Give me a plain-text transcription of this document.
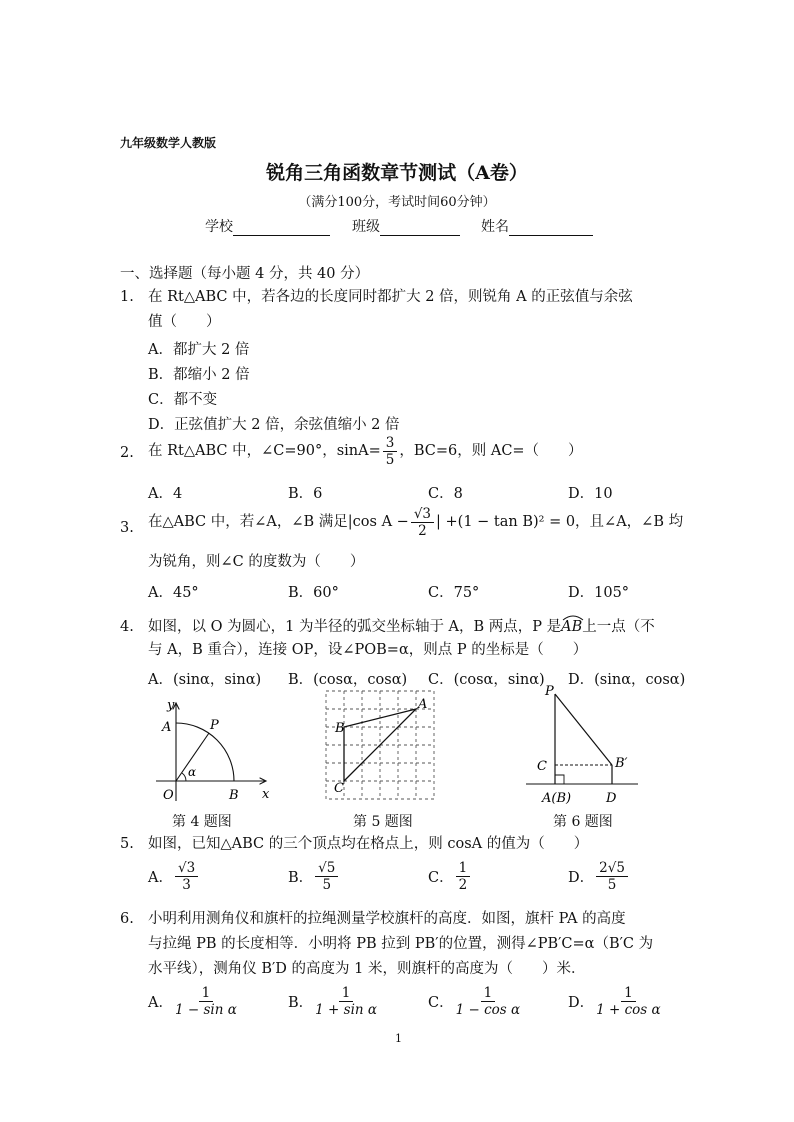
九年级数学人教版
锐角三角函数章节测试（A卷）
（满分100分，考试时间60分钟）
学校	班级	姓名
一、选择题（每小题 4 分，共 40 分）
1. 在 Rt△ABC 中，若各边的长度同时都扩大 2 倍，则锐角 A 的正弦值与余弦
值（　　）
A．都扩大 2 倍
B．都缩小 2 倍
C．都不变
D．正弦值扩大 2 倍，余弦值缩小 2 倍
2. 在 Rt△ABC 中，∠C=90°，$\sin A= \frac{3}{5}$ ，BC=6，则 AC=（　　）
A．4	B．6	C．8	D．10
3. 在△ABC 中，若∠A，∠B 满足|cos $A - \frac{√3}{2}$ | +(1 − tan B)² = 0，且∠A，∠B 均
为锐角，则∠C 的度数为（　　）
A．45°	B．60°	C．75°	D．105°
4. 如图，以 O 为圆心，1 为半径的弧交坐标轴于 A，B 两点，P 是
AB上一点（不
与 A，B 重合），连接 OP，设∠POB=α，则点 P 的坐标是（　　）
A．(sinα，sinα) B．(cosα，cosα) C．(cosα，sinα) D．(sinα，cosα)
y
x
A	P
O	B
α
第 4 题图
A
B
C
第 5 题图
P
C	B′
A(B)	D
第 6 题图
5. 如图，已知△ABC 的三个顶点均在格点上，则 cosA 的值为（　　）
A． $\frac{√3}{3}$	B． $\frac{√5}{5}$	C． $\frac{1}{2}$	D． $\frac{2√5}{5}$
6. 小明利用测角仪和旗杆的拉绳测量学校旗杆的高度．如图，旗杆 PA 的高度
与拉绳 PB 的长度相等．小明将 PB 拉到 PB′的位置，测得∠PB′C=α（B′C 为
水平线），测角仪 B′D 的高度为 1 米，则旗杆的高度为（　　）米．
A． $\frac{1}{\text{1 − sin α}}$	B． $\frac{1}{\text{1 + sin α}}$	C． $\frac{1}{\text{1 − cos α}}$	D． $\frac{1}{\text{1 + cos α}}$
1
